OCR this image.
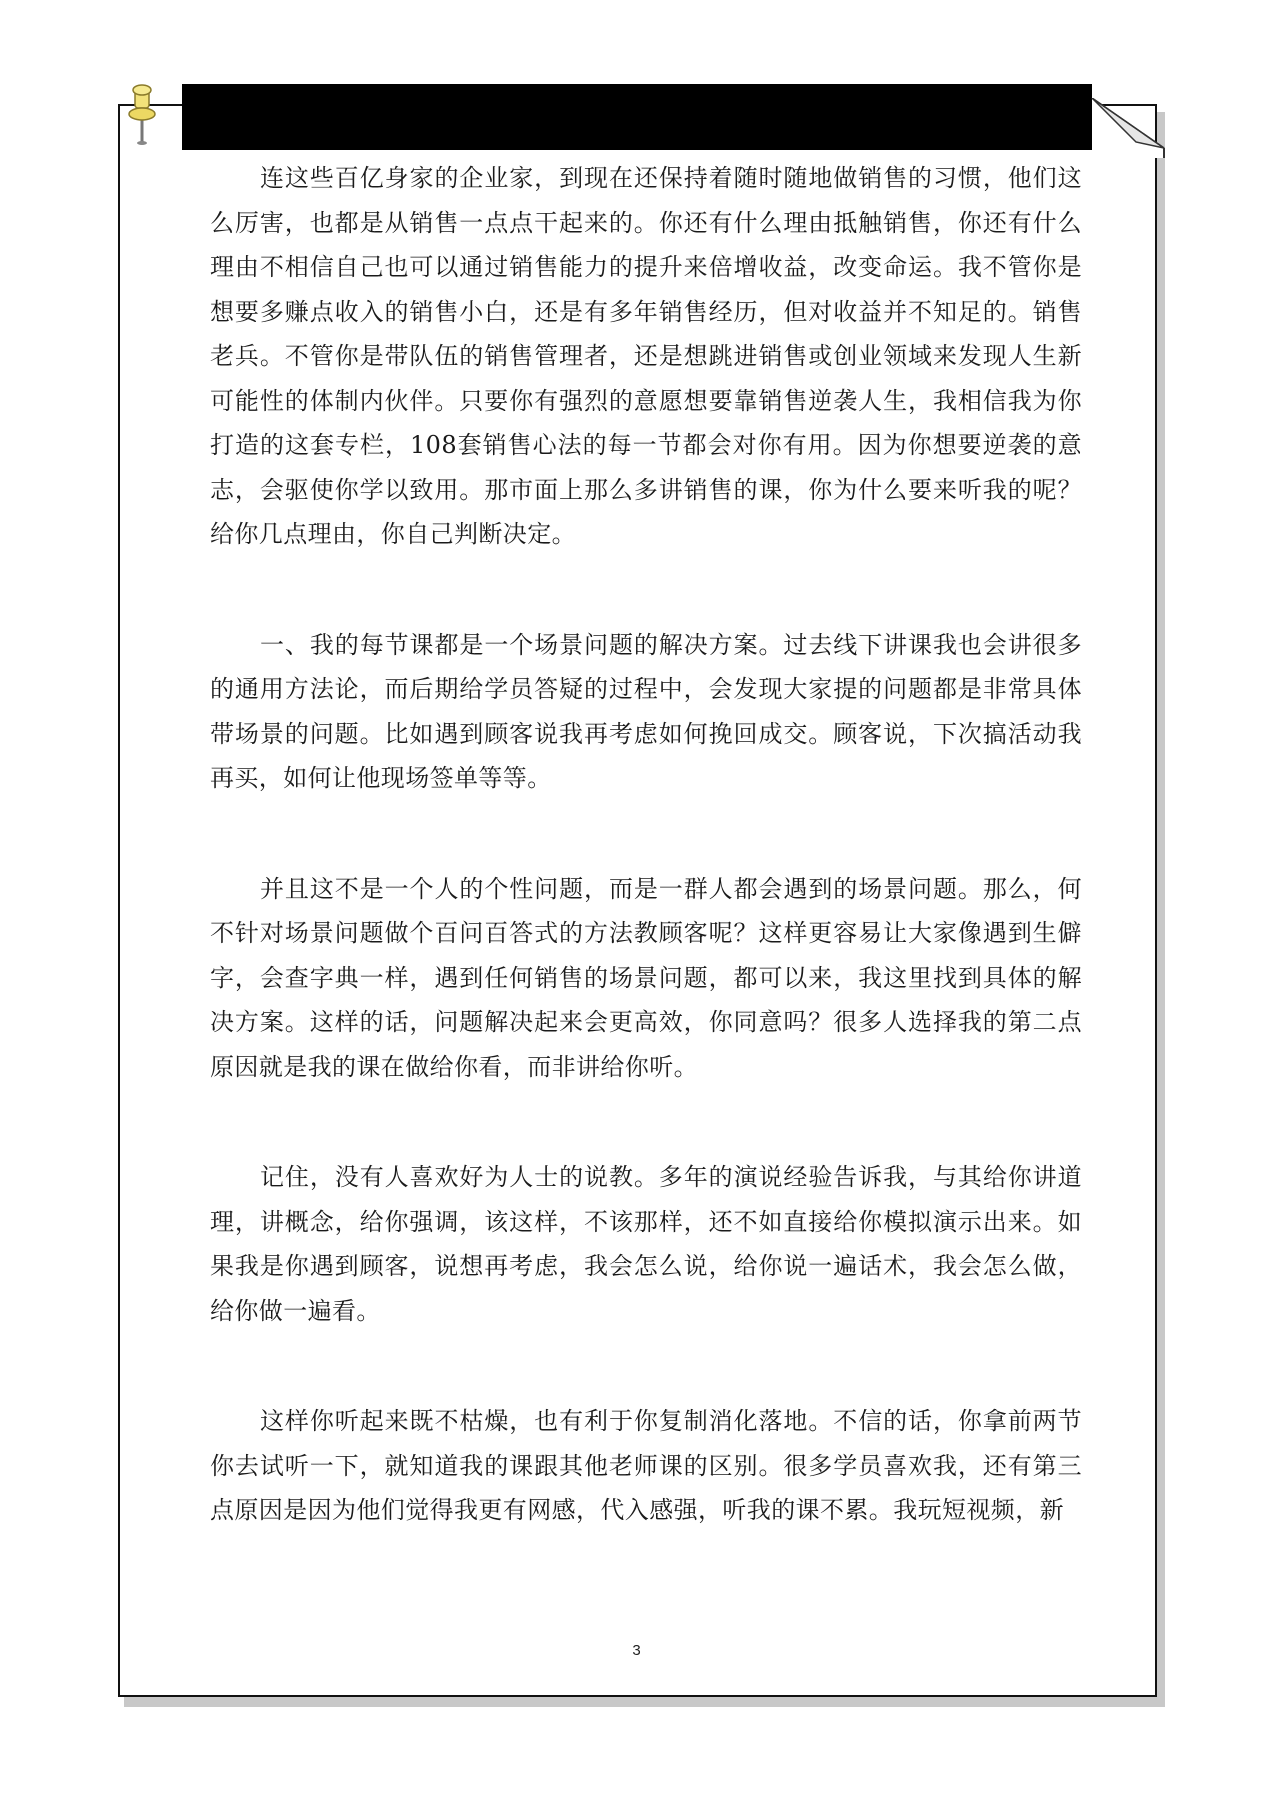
连这些百亿身家的企业家，到现在还保持着随时随地做销售的习惯，他们这么厉害，也都是从销售一点点干起来的。你还有什么理由抵触销售，你还有什么理由不相信自己也可以通过销售能力的提升来倍增收益，改变命运。我不管你是想要多赚点收入的销售小白，还是有多年销售经历，但对收益并不知足的。销售老兵。不管你是带队伍的销售管理者，还是想跳进销售或创业领域来发现人生新可能性的体制内伙伴。只要你有强烈的意愿想要靠销售逆袭人生，我相信我为你打造的这套专栏，108套销售心法的每一节都会对你有用。因为你想要逆袭的意志，会驱使你学以致用。那市面上那么多讲销售的课，你为什么要来听我的呢？给你几点理由，你自己判断决定。

一、我的每节课都是一个场景问题的解决方案。过去线下讲课我也会讲很多的通用方法论，而后期给学员答疑的过程中，会发现大家提的问题都是非常具体带场景的问题。比如遇到顾客说我再考虑如何挽回成交。顾客说，下次搞活动我再买，如何让他现场签单等等。

并且这不是一个人的个性问题，而是一群人都会遇到的场景问题。那么，何不针对场景问题做个百问百答式的方法教顾客呢？这样更容易让大家像遇到生僻字，会查字典一样，遇到任何销售的场景问题，都可以来，我这里找到具体的解决方案。这样的话，问题解决起来会更高效，你同意吗？很多人选择我的第二点原因就是我的课在做给你看，而非讲给你听。

记住，没有人喜欢好为人士的说教。多年的演说经验告诉我，与其给你讲道理，讲概念，给你强调，该这样，不该那样，还不如直接给你模拟演示出来。如果我是你遇到顾客，说想再考虑，我会怎么说，给你说一遍话术，我会怎么做，给你做一遍看。

这样你听起来既不枯燥，也有利于你复制消化落地。不信的话，你拿前两节你去试听一下，就知道我的课跟其他老师课的区别。很多学员喜欢我，还有第三点原因是因为他们觉得我更有网感，代入感强，听我的课不累。我玩短视频，新

3
